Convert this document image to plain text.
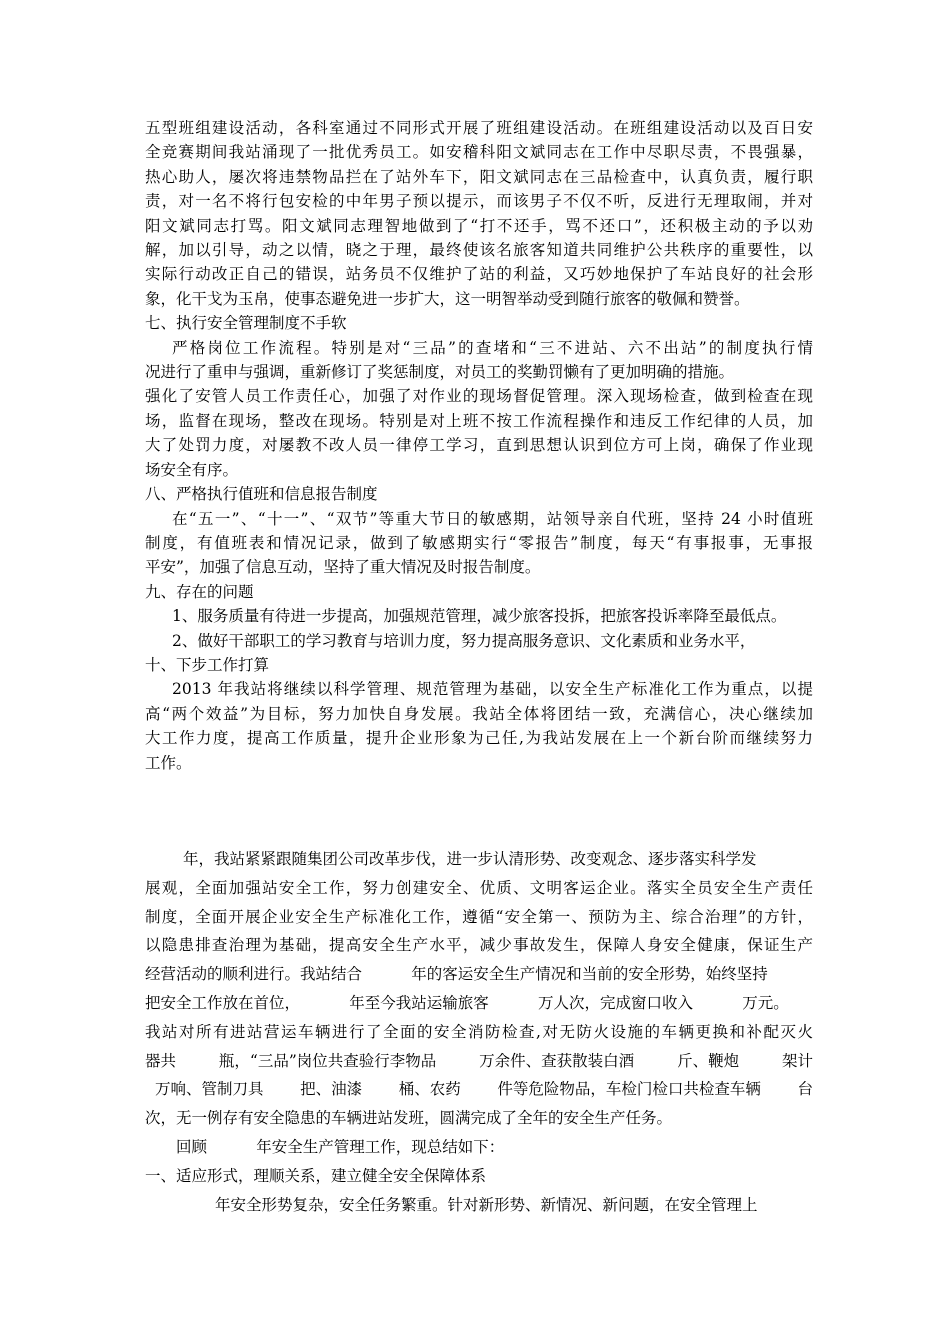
五型班组建设活动，各科室通过不同形式开展了班组建设活动。在班组建设活动以及百日安
全竞赛期间我站涌现了一批优秀员工。如安稽科阳文斌同志在工作中尽职尽责，不畏强暴，
热心助人，屡次将违禁物品拦在了站外车下，阳文斌同志在三品检查中，认真负责，履行职
责，对一名不将行包安检的中年男子预以提示，而该男子不仅不听，反进行无理取闹，并对
阳文斌同志打骂。阳文斌同志理智地做到了“打不还手，骂不还口”，还积极主动的予以劝
解，加以引导，动之以情，晓之于理，最终使该名旅客知道共同维护公共秩序的重要性，以
实际行动改正自己的错误，站务员不仅维护了站的利益，又巧妙地保护了车站良好的社会形
象，化干戈为玉帛，使事态避免进一步扩大，这一明智举动受到随行旅客的敬佩和赞誉。
七、执行安全管理制度不手软
严格岗位工作流程。特别是对“三品”的查堵和“三不进站、六不出站”的制度执行情
况进行了重申与强调，重新修订了奖惩制度，对员工的奖勤罚懒有了更加明确的措施。
强化了安管人员工作责任心，加强了对作业的现场督促管理。深入现场检查，做到检查在现
场，监督在现场，整改在现场。特别是对上班不按工作流程操作和违反工作纪律的人员，加
大了处罚力度，对屡教不改人员一律停工学习，直到思想认识到位方可上岗，确保了作业现
场安全有序。
八、严格执行值班和信息报告制度
在“五一”、“十一”、“双节”等重大节日的敏感期，站领导亲自代班，坚持 24 小时值班
制度，有值班表和情况记录，做到了敏感期实行“零报告”制度，每天“有事报事，无事报
平安”，加强了信息互动，坚持了重大情况及时报告制度。
九、存在的问题
1、服务质量有待进一步提高，加强规范管理，减少旅客投拆，把旅客投诉率降至最低点。
2、做好干部职工的学习教育与培训力度，努力提高服务意识、文化素质和业务水平，
十、下步工作打算
2013 年我站将继续以科学管理、规范管理为基础，以安全生产标准化工作为重点，以提
高“两个效益”为目标，努力加快自身发展。我站全体将团结一致，充满信心，决心继续加
大工作力度，提高工作质量，提升企业形象为己任,为我站发展在上一个新台阶而继续努力
工作。
年，我站紧紧跟随集团公司改革步伐，进一步认清形势、改变观念、逐步落实科学发
展观，全面加强站安全工作，努力创建安全、优质、文明客运企业。落实全员安全生产责任
制度，全面开展企业安全生产标准化工作，遵循“安全第一、预防为主、综合治理”的方针，
以隐患排查治理为基础，提高安全生产水平，减少事故发生，保障人身安全健康，保证生产
经营活动的顺利进行。我站结合          年的客运安全生产情况和当前的安全形势，始终坚持
把安全工作放在首位，          年至今我站运输旅客          万人次，完成窗口收入          万元。
我站对所有进站营运车辆进行了全面的安全消防检查,对无防火设施的车辆更换和补配灭火
器共	瓶，“三品”岗位共查验行李物品	万余件、查获散装白酒	斤、鞭炮	架计
万响、管制刀具 把、油漆 桶、农药 件等危险物品，车检门检口共检查车辆 台
次，无一例存有安全隐患的车辆进站发班，圆满完成了全年的安全生产任务。
回顾          年安全生产管理工作，现总结如下：
一、适应形式，理顺关系，建立健全安全保障体系
年安全形势复杂，安全任务繁重。针对新形势、新情况、新问题，在安全管理上
